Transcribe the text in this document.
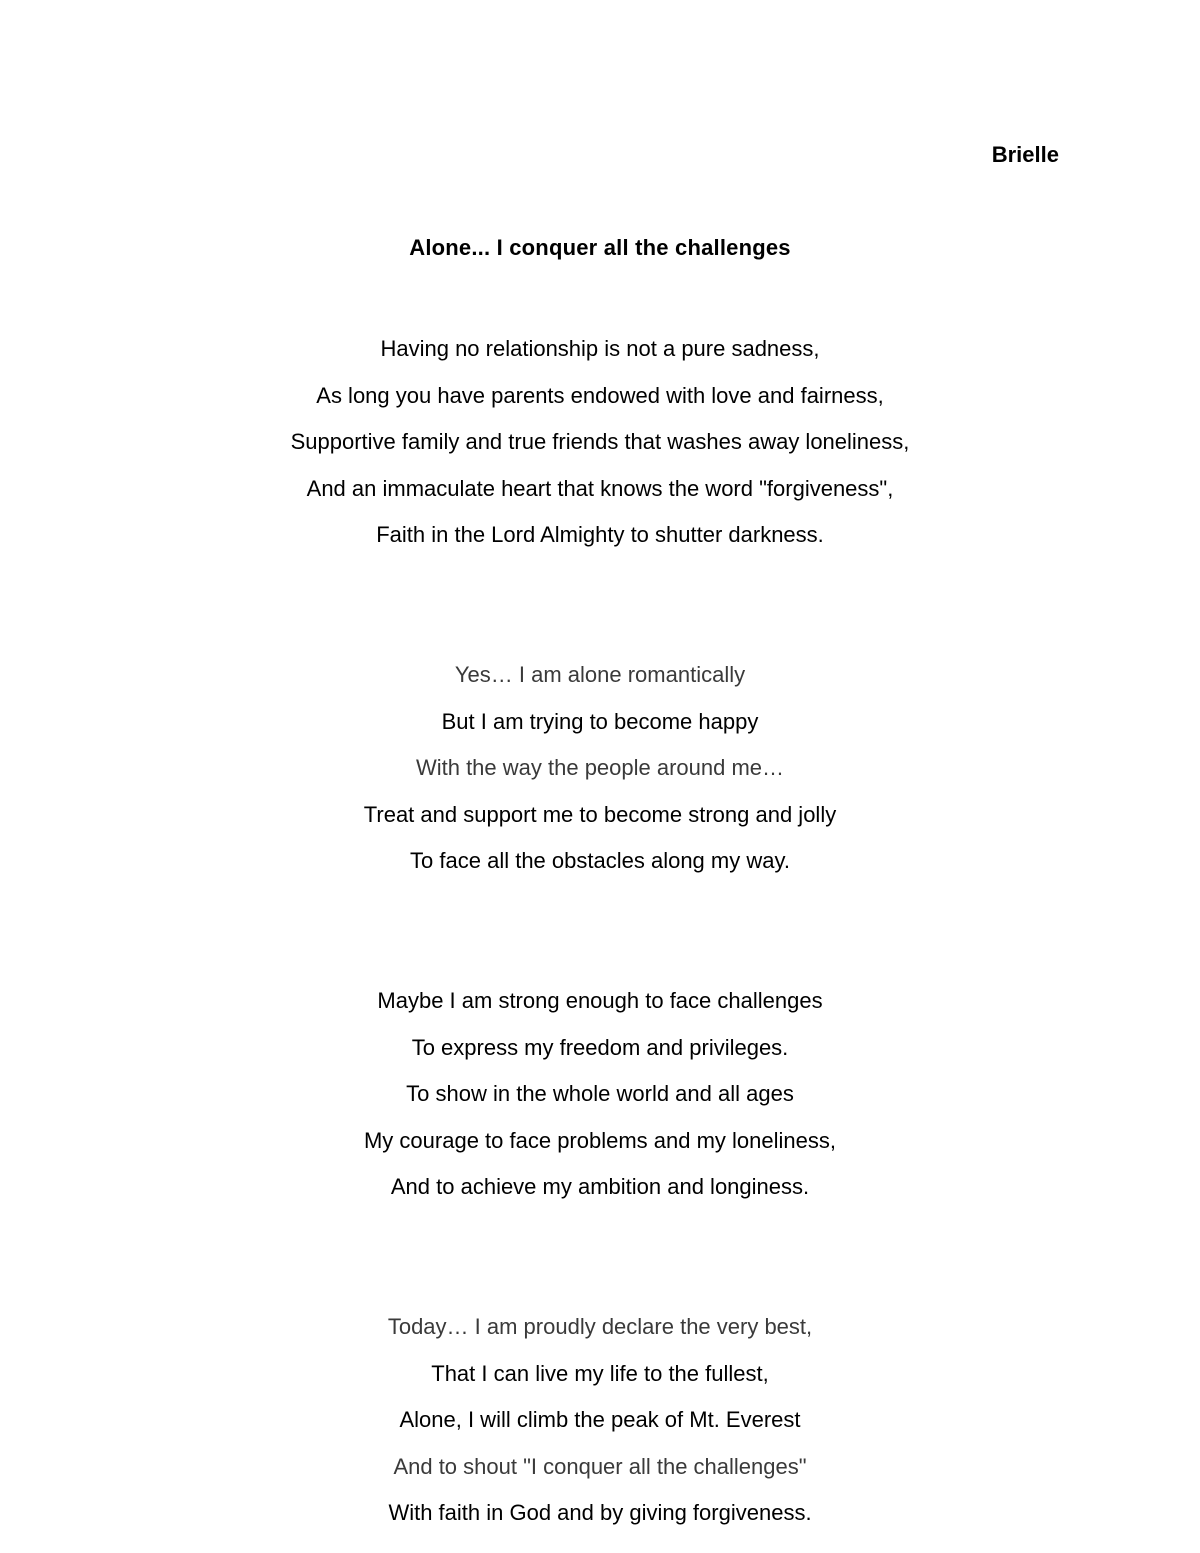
Brielle
Alone... I conquer all the challenges
Having no relationship is not a pure sadness,
As long you have parents endowed with love and fairness,
Supportive family and true friends that washes away loneliness,
And an immaculate heart that knows the word "forgiveness",
Faith in the Lord Almighty to shutter darkness.
Yes… I am alone romantically
But I am trying to become happy
With the way the people around me…
Treat and support me to become strong and jolly
To face all the obstacles along my way.
Maybe I am strong enough to face challenges
To express my freedom and privileges.
To show in the whole world and all ages
My courage to face problems and my loneliness,
And to achieve my ambition and longiness.
Today… I am proudly declare the very best,
That I can live my life to the fullest,
Alone, I will climb the peak of Mt. Everest
And to shout "I conquer all the challenges"
With faith in God and by giving forgiveness.
